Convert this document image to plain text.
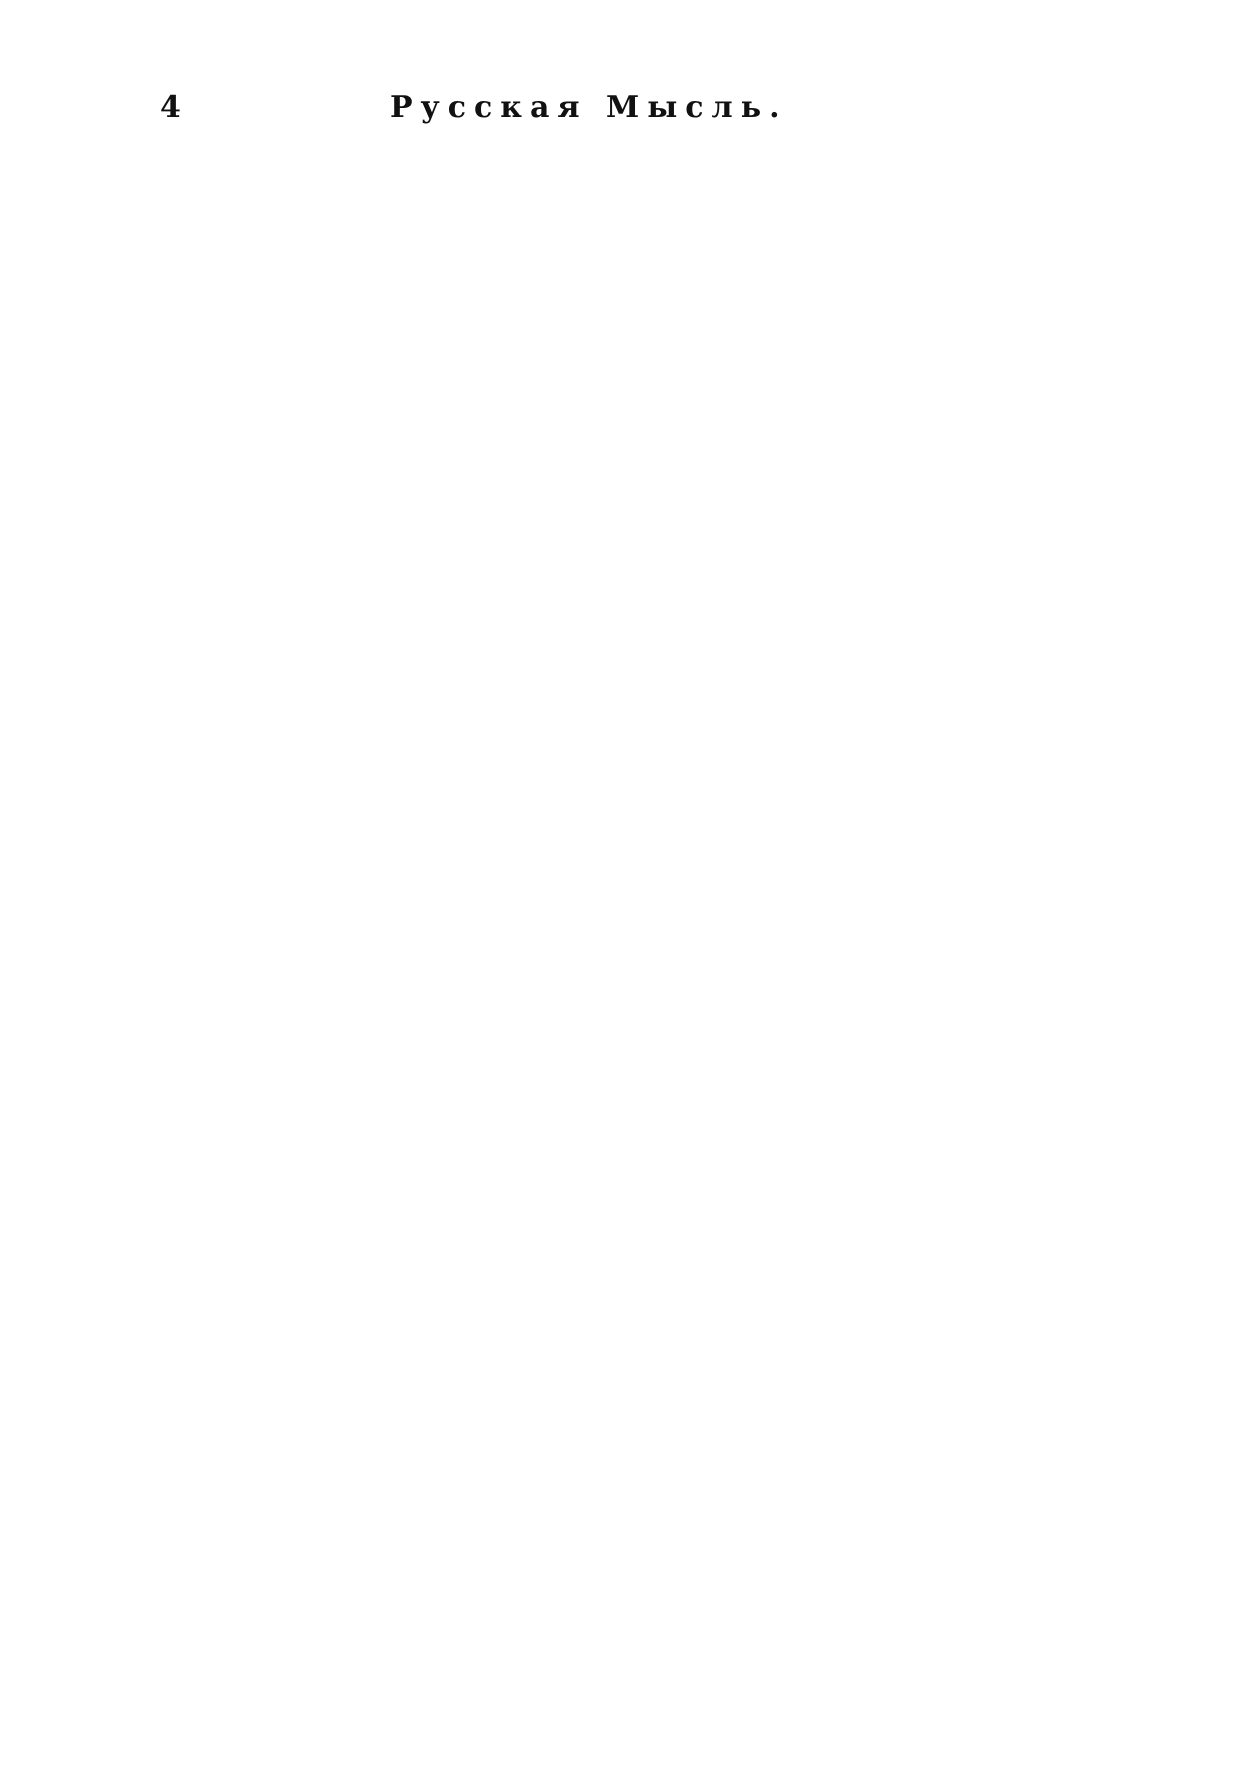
4	Русская Мысль.
